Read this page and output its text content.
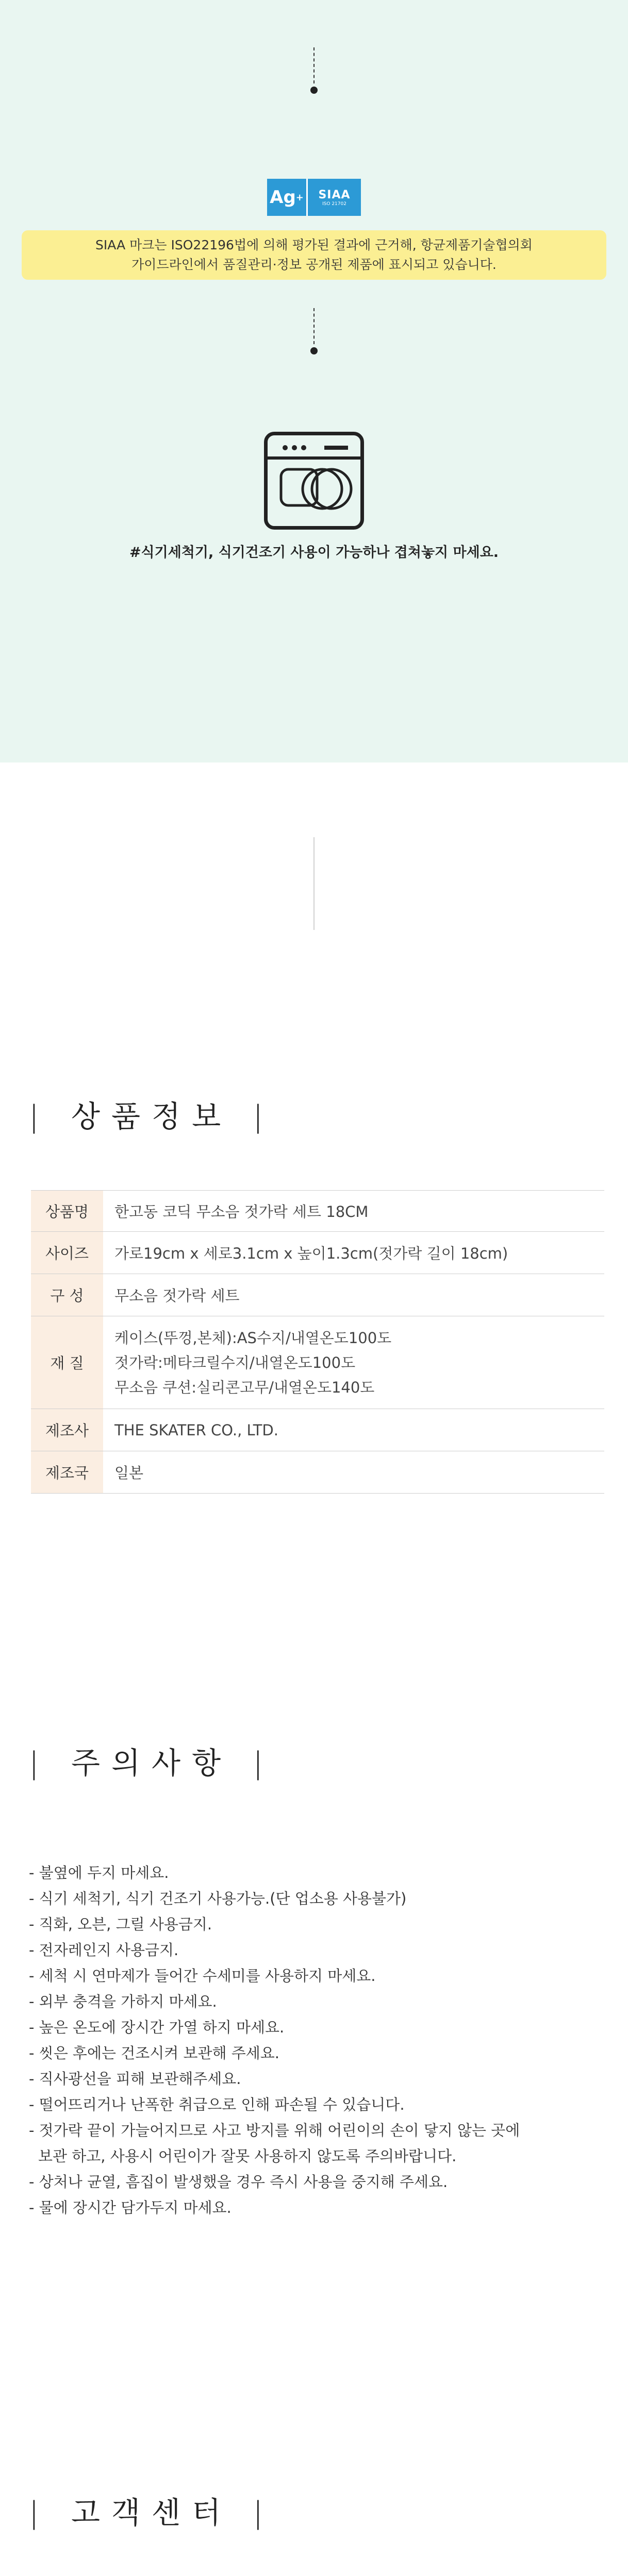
Ag + SIAA
ISO 21702
SIAA 마크는 ISO22196법에 의해 평가된 결과에 근거해, 항균제품기술협의회
가이드라인에서 품질관리·정보 공개된 제품에 표시되고 있습니다.
#식기세척기, 식기건조기 사용이 가능하나 겹쳐놓지 마세요.
| 상품정보 |
상품명	한고동 코딕 무소음 젓가락 세트 18CM
사이즈	가로19cm x 세로3.1cm x 높이1.3cm(젓가락 길이 18cm)
구 성	무소음 젓가락 세트
재 질	케이스(뚜껑,본체):AS수지/내열온도100도
젓가락:메타크릴수지/내열온도100도
무소음 쿠션:실리콘고무/내열온도140도

제조사	THE SKATER CO., LTD.
제조국	일본
| 주의사항 |
- 불옆에 두지 마세요.
- 식기 세척기, 식기 건조기 사용가능.(단 업소용 사용불가)
- 직화, 오븐, 그릴 사용금지.
- 전자레인지 사용금지.
- 세척 시 연마제가 들어간 수세미를 사용하지 마세요.
- 외부 충격을 가하지 마세요.
- 높은 온도에 장시간 가열 하지 마세요.
- 씻은 후에는 건조시켜 보관해 주세요.
- 직사광선을 피해 보관해주세요.
- 떨어뜨리거나 난폭한 취급으로 인해 파손될 수 있습니다.
- 젓가락 끝이 가늘어지므로 사고 방지를 위해 어린이의 손이 닿지 않는 곳에
보관 하고, 사용시 어린이가 잘못 사용하지 않도록 주의바랍니다.
- 상처나 균열, 흠집이 발생했을 경우 즉시 사용을 중지해 주세요.
- 물에 장시간 담가두지 마세요.
| 고객센터 |
